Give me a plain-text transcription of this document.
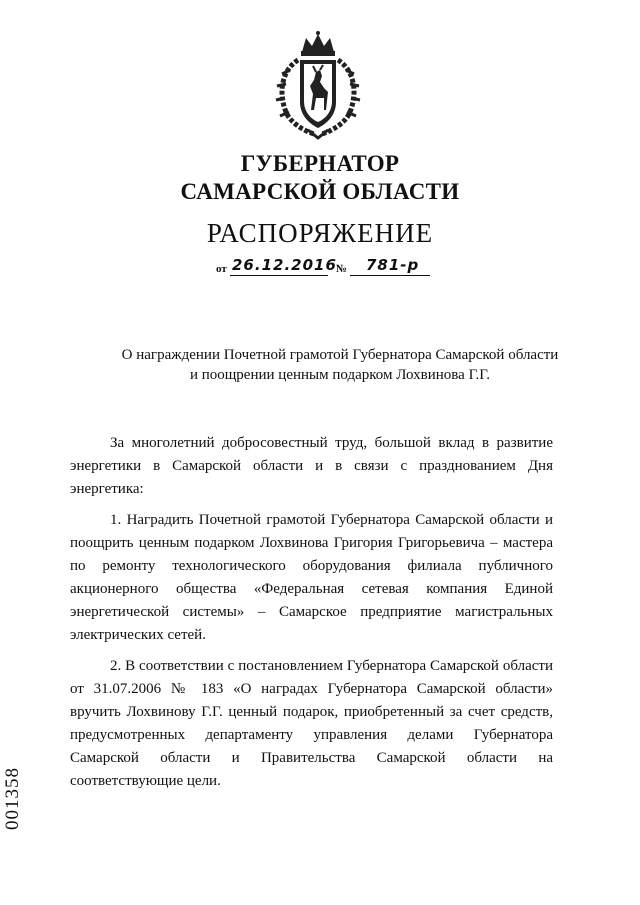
ГУБЕРНАТОР
САМАРСКОЙ ОБЛАСТИ
РАСПОРЯЖЕНИЕ
от 26.12.2016 № 781-р
О награждении Почетной грамотой Губернатора Самарской области
и поощрении ценным подарком Лохвинова Г.Г.

За многолетний добросовестный труд, большой вклад в развитие энергетики в Самарской области и в связи с празднованием Дня энергетика:

1. Наградить Почетной грамотой Губернатора Самарской области и поощрить ценным подарком Лохвинова Григория Григорьевича – мастера по ремонту технологического оборудования филиала публичного акционерного общества «Федеральная сетевая компания Единой энергетической системы» – Самарское предприятие магистральных электрических сетей.

2. В соответствии с постановлением Губернатора Самарской области от 31.07.2006 № 183 «О наградах Губернатора Самарской области» вручить Лохвинову Г.Г. ценный подарок, приобретенный за счет средств, предусмотренных департаменту управления делами Губернатора Самарской области и Правительства Самарской области на соответствующие цели.

001358
